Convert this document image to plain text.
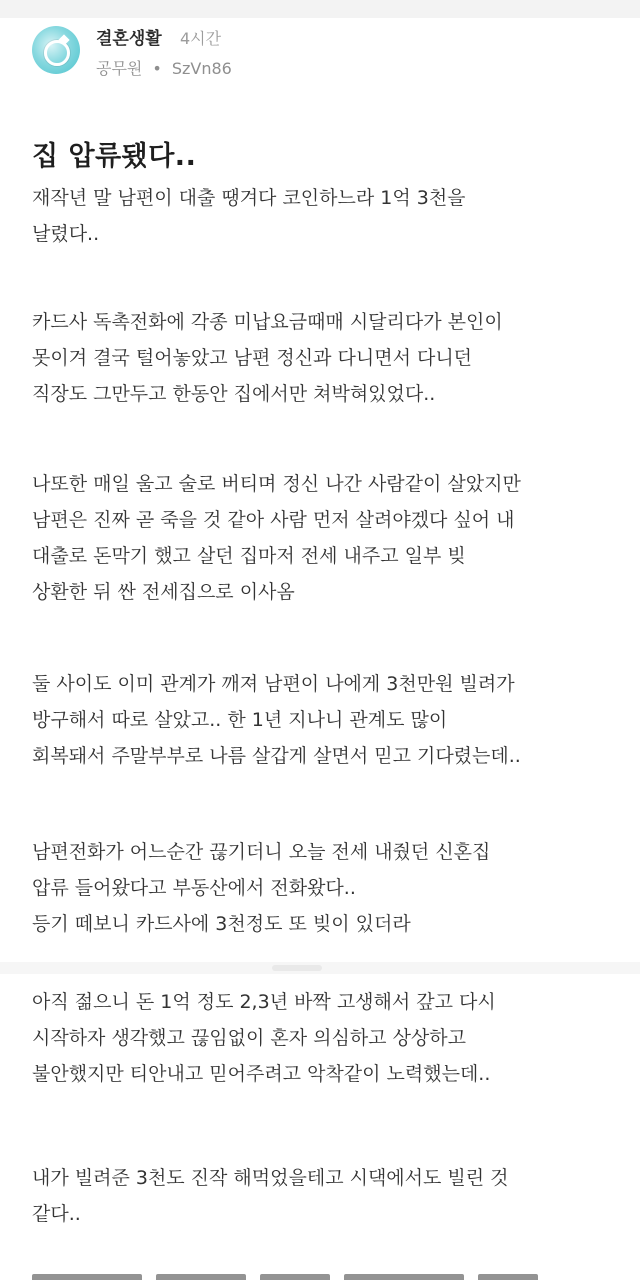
결혼생활 4시간
공무원 • SzVn86
집 압류됐다..
재작년 말 남편이 대출 땡겨다 코인하느라 1억 3천을
날렸다..
카드사 독촉전화에 각종 미납요금때매 시달리다가 본인이
못이겨 결국 털어놓았고 남편 정신과 다니면서 다니던
직장도 그만두고 한동안 집에서만 쳐박혀있었다..
나또한 매일 울고 술로 버티며 정신 나간 사람같이 살았지만
남편은 진짜 곧 죽을 것 같아 사람 먼저 살려야겠다 싶어 내
대출로 돈막기 했고 살던 집마저 전세 내주고 일부 빚
상환한 뒤 싼 전세집으로 이사옴
둘 사이도 이미 관계가 깨져 남편이 나에게 3천만원 빌려가
방구해서 따로 살았고.. 한 1년 지나니 관계도 많이
회복돼서 주말부부로 나름 살갑게 살면서 믿고 기다렸는데..
남편전화가 어느순간 끊기더니 오늘 전세 내줬던 신혼집
압류 들어왔다고 부동산에서 전화왔다..
등기 떼보니 카드사에 3천정도 또 빚이 있더라
아직 젊으니 돈 1억 정도 2,3년 바짝 고생해서 갚고 다시
시작하자 생각했고 끊임없이 혼자 의심하고 상상하고
불안했지만 티안내고 믿어주려고 악착같이 노력했는데..
내가 빌려준 3천도 진작 해먹었을테고 시댁에서도 빌린 것
같다..
